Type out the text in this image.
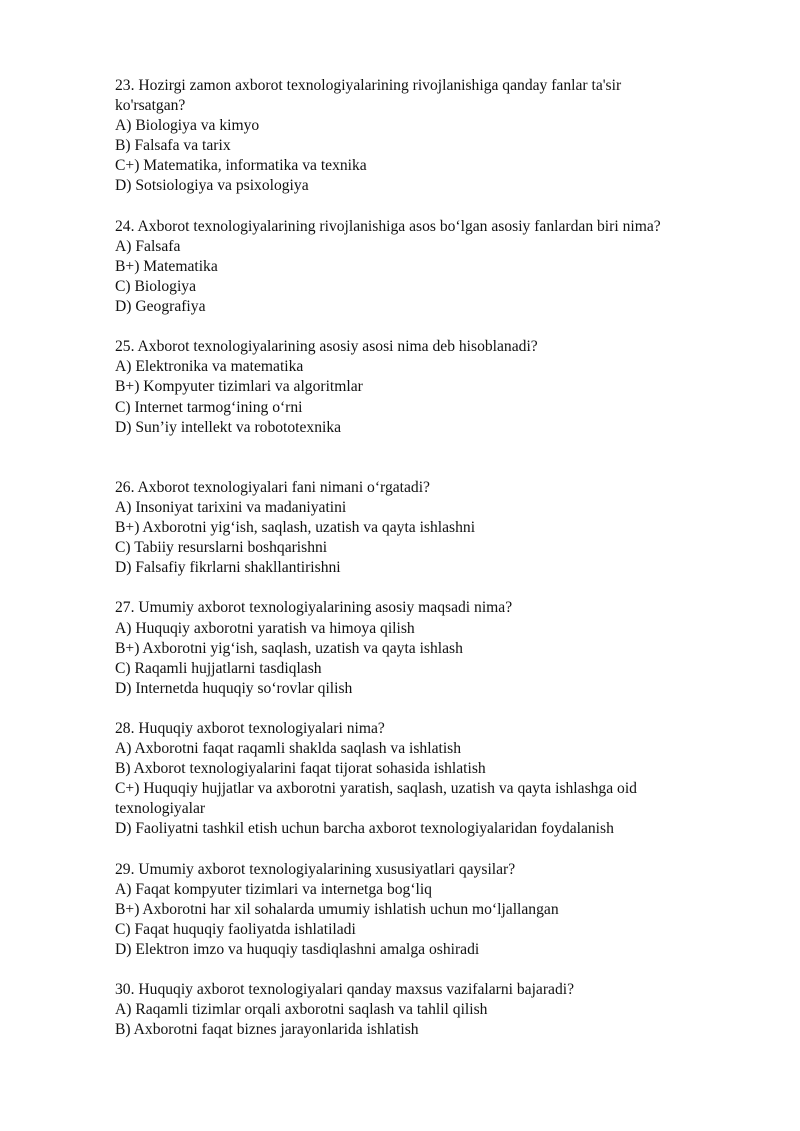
23. Hozirgi zamon axborot texnologiyalarining rivojlanishiga qanday fanlar ta'sir
ko'rsatgan?
A) Biologiya va kimyo
B) Falsafa va tarix
C+) Matematika, informatika va texnika
D) Sotsiologiya va psixologiya
24. Axborot texnologiyalarining rivojlanishiga asos bo‘lgan asosiy fanlardan biri nima?
A) Falsafa
B+) Matematika
C) Biologiya
D) Geografiya
25. Axborot texnologiyalarining asosiy asosi nima deb hisoblanadi?
A) Elektronika va matematika
B+) Kompyuter tizimlari va algoritmlar
C) Internet tarmog‘ining o‘rni
D) Sun’iy intellekt va robototexnika
26. Axborot texnologiyalari fani nimani o‘rgatadi?
A) Insoniyat tarixini va madaniyatini
B+) Axborotni yig‘ish, saqlash, uzatish va qayta ishlashni
C) Tabiiy resurslarni boshqarishni
D) Falsafiy fikrlarni shakllantirishni
27. Umumiy axborot texnologiyalarining asosiy maqsadi nima?
A) Huquqiy axborotni yaratish va himoya qilish
B+) Axborotni yig‘ish, saqlash, uzatish va qayta ishlash
C) Raqamli hujjatlarni tasdiqlash
D) Internetda huquqiy so‘rovlar qilish
28. Huquqiy axborot texnologiyalari nima?
A) Axborotni faqat raqamli shaklda saqlash va ishlatish
B) Axborot texnologiyalarini faqat tijorat sohasida ishlatish
C+) Huquqiy hujjatlar va axborotni yaratish, saqlash, uzatish va qayta ishlashga oid
texnologiyalar
D) Faoliyatni tashkil etish uchun barcha axborot texnologiyalaridan foydalanish
29. Umumiy axborot texnologiyalarining xususiyatlari qaysilar?
A) Faqat kompyuter tizimlari va internetga bog‘liq
B+) Axborotni har xil sohalarda umumiy ishlatish uchun mo‘ljallangan
C) Faqat huquqiy faoliyatda ishlatiladi
D) Elektron imzo va huquqiy tasdiqlashni amalga oshiradi
30. Huquqiy axborot texnologiyalari qanday maxsus vazifalarni bajaradi?
A) Raqamli tizimlar orqali axborotni saqlash va tahlil qilish
B) Axborotni faqat biznes jarayonlarida ishlatish
